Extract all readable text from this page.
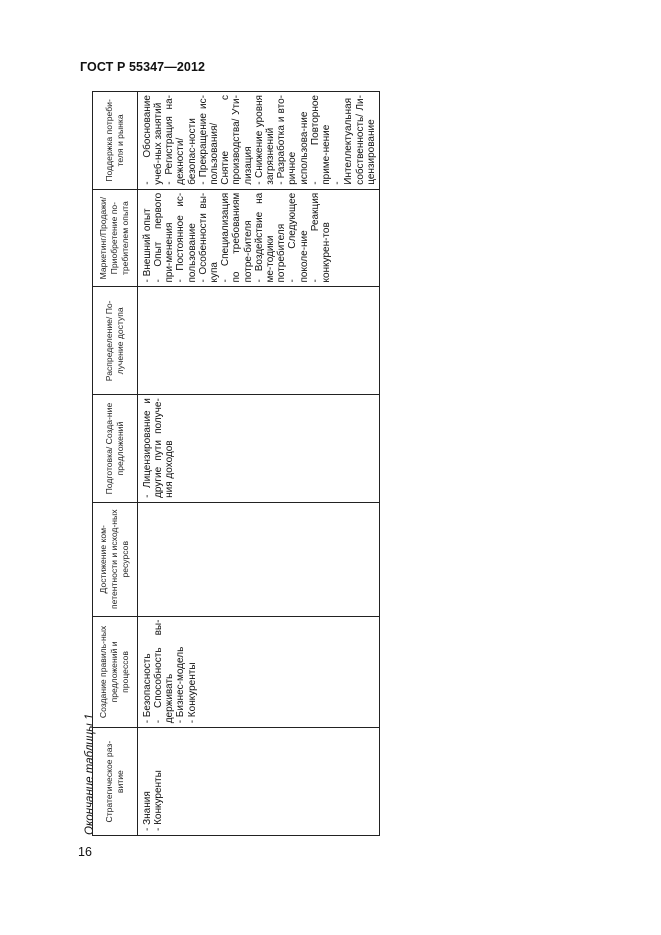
ГОСТ Р 55347—2012
Окончание таблицы 1 Стратегическое раз-витие
Создание правиль-ных предложений и процессов
Достижение ком-петентности и исход-ных ресурсов
Подготовка/ Созда-ние предложений
Распределение/ По-лучение доступа
Маркетинг/Продажи/ Приобретение по-требителем опыта
Поддержка потреби-теля и рынка
- Знания - Конкуренты
- Безопасность - Способность вы-держивать - Бизнес-модель - Конкуренты
- Лицензирование и другие пути получе-ния доходов
- Внешний опыт - Опыт первого при-менения - Постоянное ис-пользование - Особенности вы-купа - Специализация по требованиям потре-бителя - Воздействие на ме-тодики потребителя - Следующее поколе-ние - Реакция конкурен-тов
- Обоснование учеб-ных занятий - Регистрация на-дежности/ безопас-ности - Прекращение ис-пользования/Снятие с производства/ Ути-лизация - Снижение уровня загрязнений - Разработка и вто-ричное использова-ние - Повторное приме-нение - Интеллектуальная собственность/ Ли-цензирование
16
